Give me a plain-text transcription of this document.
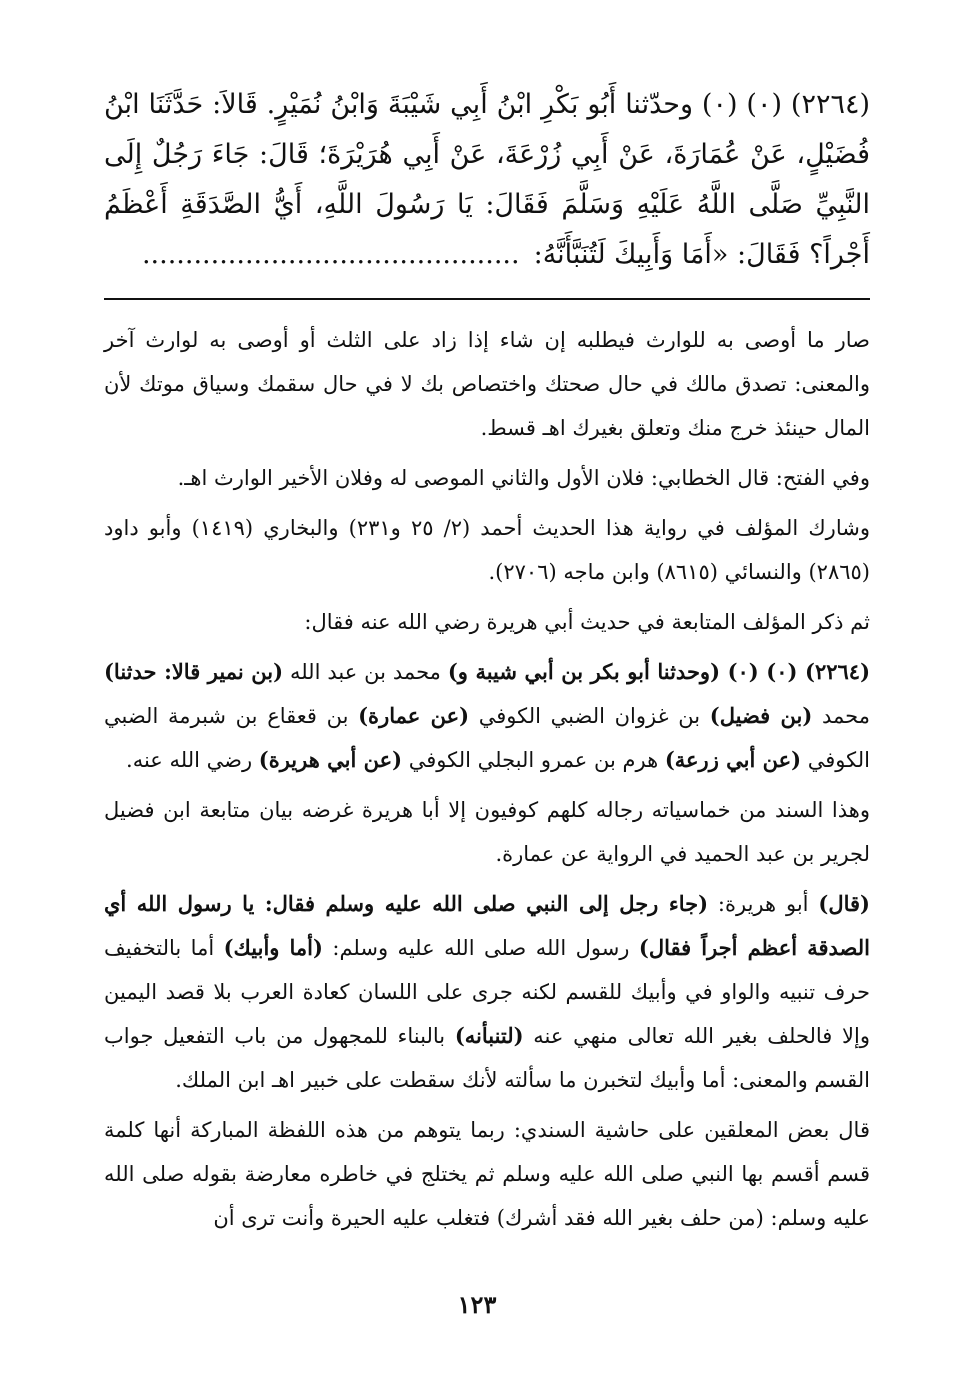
(٢٢٦٤) (٠) (٠) وحدّثنا أَبُو بَكْرِ ابْنُ أَبِي شَيْبَةَ وَابْنُ نُمَيْرٍ. قَالاَ: حَدَّثَنَا ابْنُ فُضَيْلٍ، عَنْ عُمَارَةَ، عَنْ أَبِي زُرْعَةَ، عَنْ أَبِي هُرَيْرَةَ؛ قَالَ: جَاءَ رَجُلٌ إِلَى النَّبِيِّ صَلَّى اللَّهُ عَلَيْهِ وَسَلَّمَ فَقَالَ: يَا رَسُولَ اللَّهِ، أَيُّ الصَّدَقَةِ أَعْظَمُ أَجْراً؟ فَقَالَ: «أَمَا وَأَبِيكَ لَتُنَبَّأَنَّهُ:............................................

صار ما أوصى به للوارث فيطلبه إن شاء إذا زاد على الثلث أو أوصى به لوارث آخر والمعنى: تصدق مالك في حال صحتك واختصاص بك لا في حال سقمك وسياق موتك لأن المال حينئذ خرج منك وتعلق بغيرك اهـ قسط.

وفي الفتح: قال الخطابي: فلان الأول والثاني الموصى له وفلان الأخير الوارث اهـ.

وشارك المؤلف في رواية هذا الحديث أحمد (٢/ ٢٥ و٢٣١) والبخاري (١٤١٩) وأبو داود (٢٨٦٥) والنسائي (٨٦١٥) وابن ماجه (٢٧٠٦).

ثم ذكر المؤلف المتابعة في حديث أبي هريرة رضي الله عنه فقال:

(٢٢٦٤) (٠) (٠) (وحدثنا أبو بكر بن أبي شيبة و) محمد بن عبد الله (بن نمير قالا: حدثنا) محمد (بن فضيل) بن غزوان الضبي الكوفي (عن عمارة) بن قعقاع بن شبرمة الضبي الكوفي (عن أبي زرعة) هرم بن عمرو البجلي الكوفي (عن أبي هريرة) رضي الله عنه.

وهذا السند من خماسياته رجاله كلهم كوفيون إلا أبا هريرة غرضه بيان متابعة ابن فضيل لجرير بن عبد الحميد في الرواية عن عمارة.

(قال) أبو هريرة: (جاء رجل إلى النبي صلى الله عليه وسلم فقال: يا رسول الله أي الصدقة أعظم أجراً فقال) رسول الله صلى الله عليه وسلم: (أما وأبيك) أما بالتخفيف حرف تنبيه والواو في وأبيك للقسم لكنه جرى على اللسان كعادة العرب بلا قصد اليمين وإلا فالحلف بغير الله تعالى منهي عنه (لتنبأنه) بالبناء للمجهول من باب التفعيل جواب القسم والمعنى: أما وأبيك لتخبرن ما سألته لأنك سقطت على خبير اهـ ابن الملك.

قال بعض المعلقين على حاشية السندي: ربما يتوهم من هذه اللفظة المباركة أنها كلمة قسم أقسم بها النبي صلى الله عليه وسلم ثم يختلج في خاطره معارضة بقوله صلى الله عليه وسلم: (من حلف بغير الله فقد أشرك) فتغلب عليه الحيرة وأنت ترى أن

١٢٣
